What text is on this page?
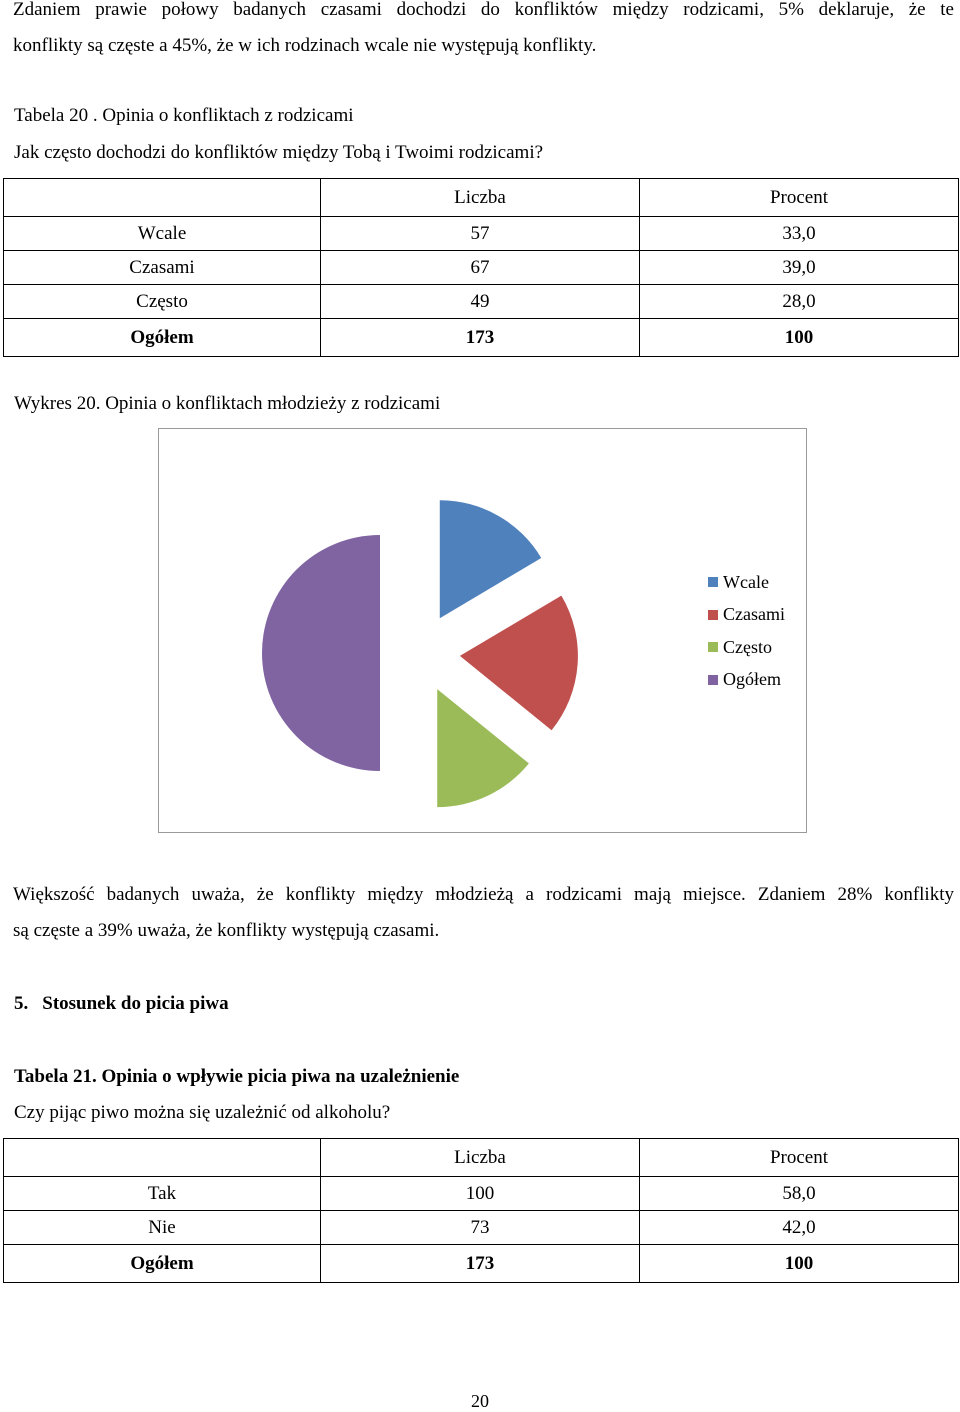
Zdaniem prawie połowy badanych czasami dochodzi do konfliktów między rodzicami, 5% deklaruje, że te
konflikty są częste a 45%, że w ich rodzinach wcale nie występują konflikty.
Tabela 20 . Opinia o konfliktach z rodzicami
Jak często dochodzi do konfliktów między Tobą i Twoimi rodzicami?
	Liczba	Procent
Wcale	57	33,0
Czasami	67	39,0
Często	49	28,0
Ogółem	173	100
Wykres 20. Opinia o konfliktach młodzieży z rodzicami
Wcale
Czasami
Często
Ogółem
Większość badanych uważa, że konflikty między młodzieżą a rodzicami mają miejsce. Zdaniem 28% konflikty
są częste a 39% uważa, że konflikty występują czasami.
5. Stosunek do picia piwa
Tabela 21. Opinia o wpływie picia piwa na uzależnienie
Czy pijąc piwo można się uzależnić od alkoholu?
	Liczba	Procent
Tak	100	58,0
Nie	73	42,0
Ogółem	173	100
20
